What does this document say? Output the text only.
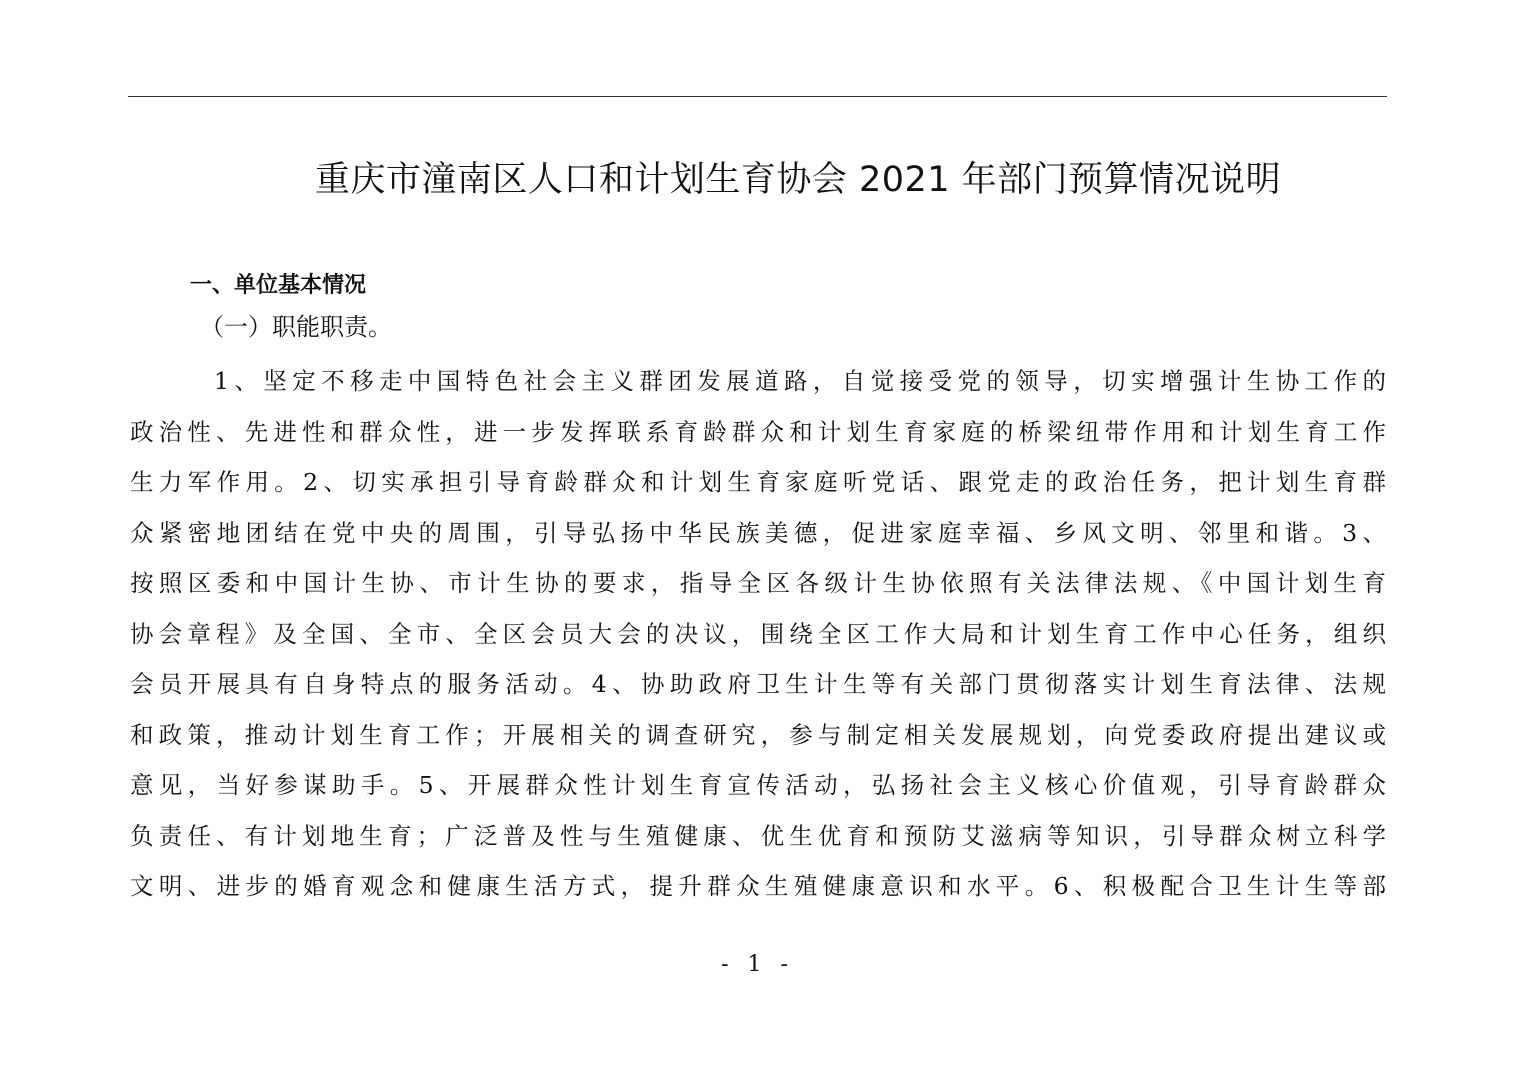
重庆市潼南区人口和计划生育协会 2021 年部门预算情况说明
一、单位基本情况
（一）职能职责。
1、坚定不移走中国特色社会主义群团发展道路，自觉接受党的领导，切实增强计生协工作的
政治性、先进性和群众性，进一步发挥联系育龄群众和计划生育家庭的桥梁纽带作用和计划生育工作
生力军作用。2、切实承担引导育龄群众和计划生育家庭听党话、跟党走的政治任务，把计划生育群
众紧密地团结在党中央的周围，引导弘扬中华民族美德，促进家庭幸福、乡风文明、邻里和谐。3、
按照区委和中国计生协、市计生协的要求，指导全区各级计生协依照有关法律法规、《中国计划生育
协会章程》及全国、全市、全区会员大会的决议，围绕全区工作大局和计划生育工作中心任务，组织
会员开展具有自身特点的服务活动。4、协助政府卫生计生等有关部门贯彻落实计划生育法律、法规
和政策，推动计划生育工作；开展相关的调查研究，参与制定相关发展规划，向党委政府提出建议或
意见，当好参谋助手。5、开展群众性计划生育宣传活动，弘扬社会主义核心价值观，引导育龄群众
负责任、有计划地生育；广泛普及性与生殖健康、优生优育和预防艾滋病等知识，引导群众树立科学
文明、进步的婚育观念和健康生活方式，提升群众生殖健康意识和水平。6、积极配合卫生计生等部
- 1 -
